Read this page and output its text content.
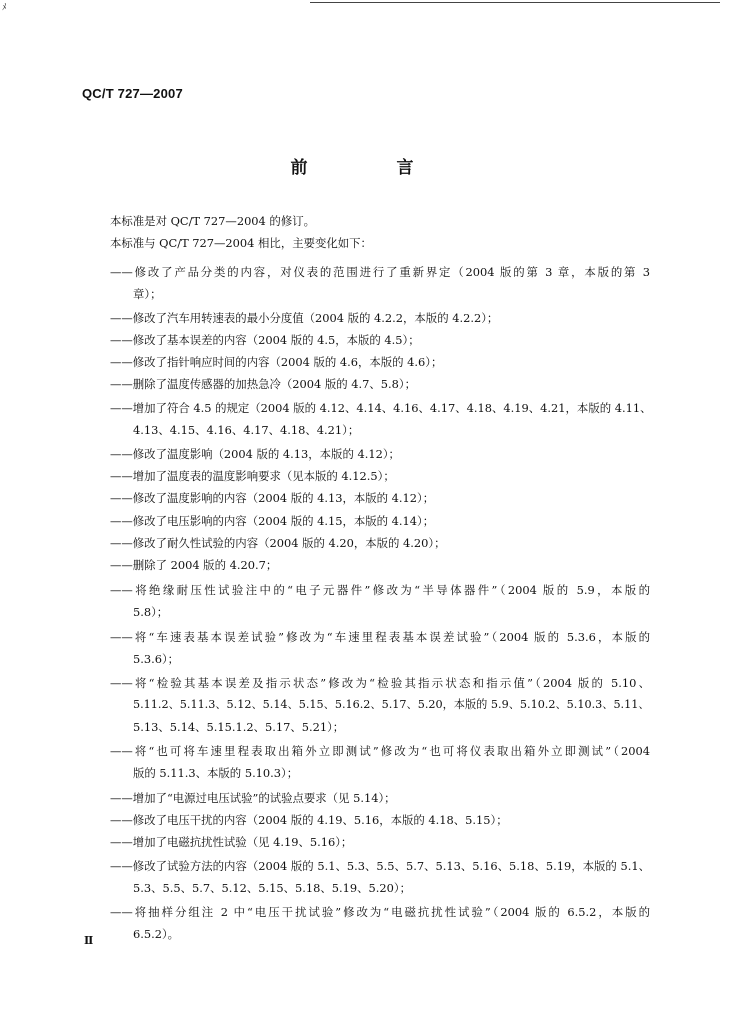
ﾒ
QC/T 727—2007
前　言
本标准是对 QC/T 727—2004 的修订。
本标准与 QC/T 727—2004 相比，主要变化如下：
——修改了产品分类的内容，对仪表的范围进行了重新界定（2004 版的第 3 章，本版的第 3
章）；
——修改了汽车用转速表的最小分度值（2004 版的 4.2.2，本版的 4.2.2）；
——修改了基本误差的内容（2004 版的 4.5，本版的 4.5）；
——修改了指针响应时间的内容（2004 版的 4.6，本版的 4.6）；
——删除了温度传感器的加热急冷（2004 版的 4.7、5.8）；
——增加了符合 4.5 的规定（2004 版的 4.12、4.14、4.16、4.17、4.18、4.19、4.21，本版的 4.11、
4.13、4.15、4.16、4.17、4.18、4.21）；
——修改了温度影响（2004 版的 4.13，本版的 4.12）；
——增加了温度表的温度影响要求（见本版的 4.12.5）；
——修改了温度影响的内容（2004 版的 4.13，本版的 4.12）；
——修改了电压影响的内容（2004 版的 4.15，本版的 4.14）；
——修改了耐久性试验的内容（2004 版的 4.20，本版的 4.20）；
——删除了 2004 版的 4.20.7；
——将绝缘耐压性试验注中的“电子元器件”修改为“半导体器件”（2004 版的 5.9，本版的
5.8）；
——将“车速表基本误差试验”修改为“车速里程表基本误差试验”（2004 版的 5.3.6，本版的
5.3.6）；
——将“检验其基本误差及指示状态”修改为“检验其指示状态和指示值”（2004 版的 5.10、
5.11.2、5.11.3、5.12、5.14、5.15、5.16.2、5.17、5.20，本版的 5.9、5.10.2、5.10.3、5.11、
5.13、5.14、5.15.1.2、5.17、5.21）；
——将“也可将车速里程表取出箱外立即测试”修改为“也可将仪表取出箱外立即测试”（2004
版的 5.11.3、本版的 5.10.3）；
——增加了“电源过电压试验”的试验点要求（见 5.14）；
——修改了电压干扰的内容（2004 版的 4.19、5.16，本版的 4.18、5.15）；
——增加了电磁抗扰性试验（见 4.19、5.16）；
——修改了试验方法的内容（2004 版的 5.1、5.3、5.5、5.7、5.13、5.16、5.18、5.19，本版的 5.1、
5.3、5.5、5.7、5.12、5.15、5.18、5.19、5.20）；
——将抽样分组注 2 中“电压干扰试验”修改为“电磁抗扰性试验”（2004 版的 6.5.2，本版的
6.5.2）。
Ⅱ
